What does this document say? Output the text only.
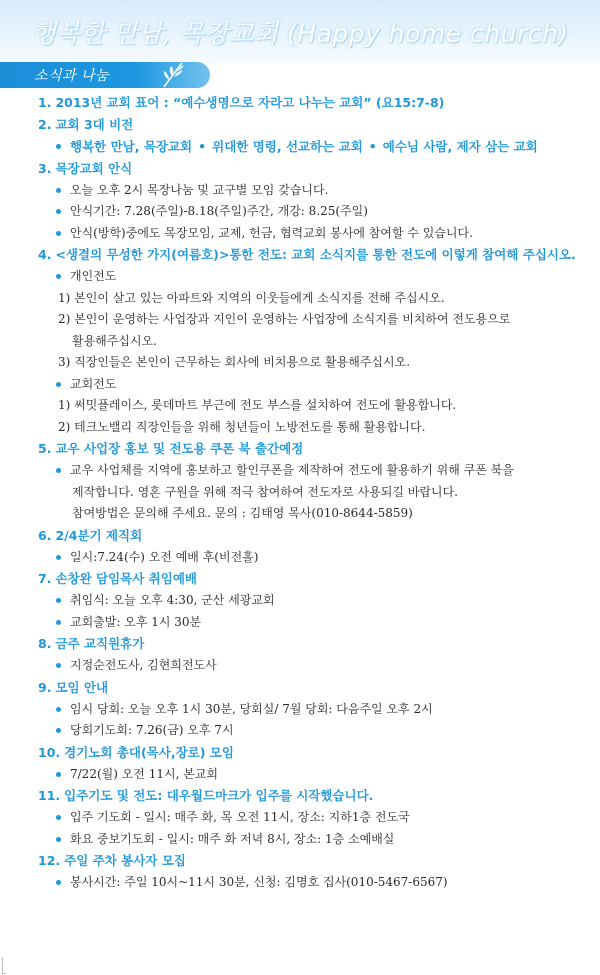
행복한 만남, 목장교회 (Happy home church)
소식과 나눔
1. 2013년 교회 표어 : “예수생명으로 자라고 나누는 교회” (요15:7-8)
2. 교회 3대 비전
행복한 만남, 목장교회 • 위대한 명령, 선교하는 교회 • 예수님 사람, 제자 삼는 교회
3. 목장교회 안식
오늘 오후 2시 목장나눔 및 교구별 모임 갖습니다.
안식기간: 7.28(주일)-8.18(주일)주간, 개강: 8.25(주일)
안식(방학)중에도 목장모임, 교제, 헌금, 협력교회 봉사에 참여할 수 있습니다.
4. <생결의 무성한 가지(여름호)>통한 전도: 교회 소식지를 통한 전도에 이렇게 참여해 주십시오.
개인전도
1) 본인이 살고 있는 아파트와 지역의 이웃들에게 소식지를 전해 주십시오.
2) 본인이 운영하는 사업장과 지인이 운영하는 사업장에 소식지를 비치하여 전도용으로
활용해주십시오.
3) 직장인들은 본인이 근무하는 회사에 비치용으로 활용해주십시오.
교회전도
1) 써밋플레이스, 롯데마트 부근에 전도 부스를 설치하여 전도에 활용합니다.
2) 테크노밸리 직장인들을 위해 청년들이 노방전도를 통해 활용합니다.
5. 교우 사업장 홍보 및 전도용 쿠폰 북 출간예정
교우 사업체를 지역에 홍보하고 할인쿠폰을 제작하여 전도에 활용하기 위해 쿠폰 북을
제작합니다. 영혼 구원을 위해 적극 참여하여 전도자로 사용되길 바랍니다.
참여방법은 문의해 주세요. 문의 : 김태영 목사(010-8644-5859)
6. 2/4분기 제직회
일시:7.24(수) 오전 예배 후(비전홀)
7. 손창완 담임목사 취임예배
취임식: 오늘 오후 4:30, 군산 세광교회
교회출발: 오후 1시 30분
8. 금주 교직원휴가
지정순전도사, 김현희전도사
9. 모임 안내
임시 당회: 오늘 오후 1시 30분, 당회실/ 7월 당회: 다음주일 오후 2시
당회기도회: 7.26(금) 오후 7시
10. 경기노회 총대(목사,장로) 모임
7/22(월) 오전 11시, 본교회
11. 입주기도 및 전도: 대우월드마크가 입주를 시작했습니다.
입주 기도회 - 일시: 매주 화, 목 오전 11시, 장소: 지하1층 전도국
화요 중보기도회 - 일시: 매주 화 저녁 8시, 장소: 1층 소예배실
12. 주일 주차 봉사자 모집
봉사시간: 주일 10시~11시 30분, 신청: 김명호 집사(010-5467-6567)
